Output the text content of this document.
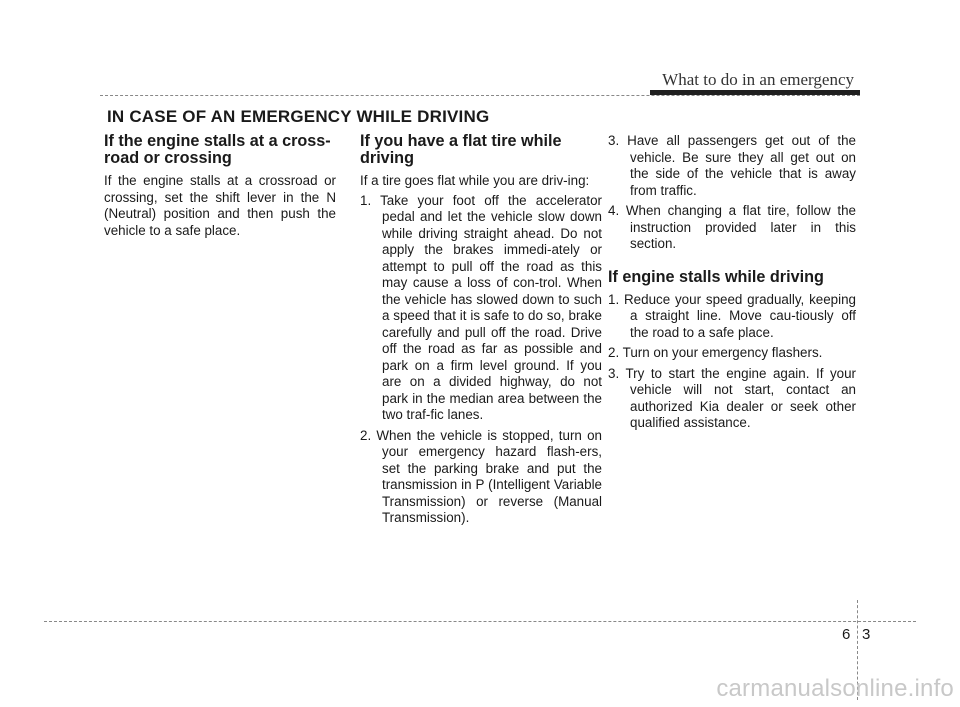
What to do in an emergency
IN CASE OF AN EMERGENCY WHILE DRIVING
If the engine stalls at a cross-road or crossing

If the engine stalls at a crossroad or crossing, set the shift lever in the N (Neutral) position and then push the vehicle to a safe place.

If you have a flat tire while driving

If a tire goes flat while you are driv-ing:

1. Take your foot off the accelerator pedal and let the vehicle slow down while driving straight ahead. Do not apply the brakes immedi-ately or attempt to pull off the road as this may cause a loss of con-trol. When the vehicle has slowed down to such a speed that it is safe to do so, brake carefully and pull off the road. Drive off the road as far as possible and park on a firm level ground. If you are on a divided highway, do not park in the median area between the two traf-fic lanes.
2. When the vehicle is stopped, turn on your emergency hazard flash-ers, set the parking brake and put the transmission in P (Intelligent Variable Transmission) or reverse (Manual Transmission).
3. Have all passengers get out of the vehicle. Be sure they all get out on the side of the vehicle that is away from traffic.
4. When changing a flat tire, follow the instruction provided later in this section.
If engine stalls while driving
1. Reduce your speed gradually, keeping a straight line. Move cau-tiously off the road to a safe place.
2. Turn on your emergency flashers.
3. Try to start the engine again. If your vehicle will not start, contact an authorized Kia dealer or seek other qualified assistance.
6 3
carmanualsonline.info
